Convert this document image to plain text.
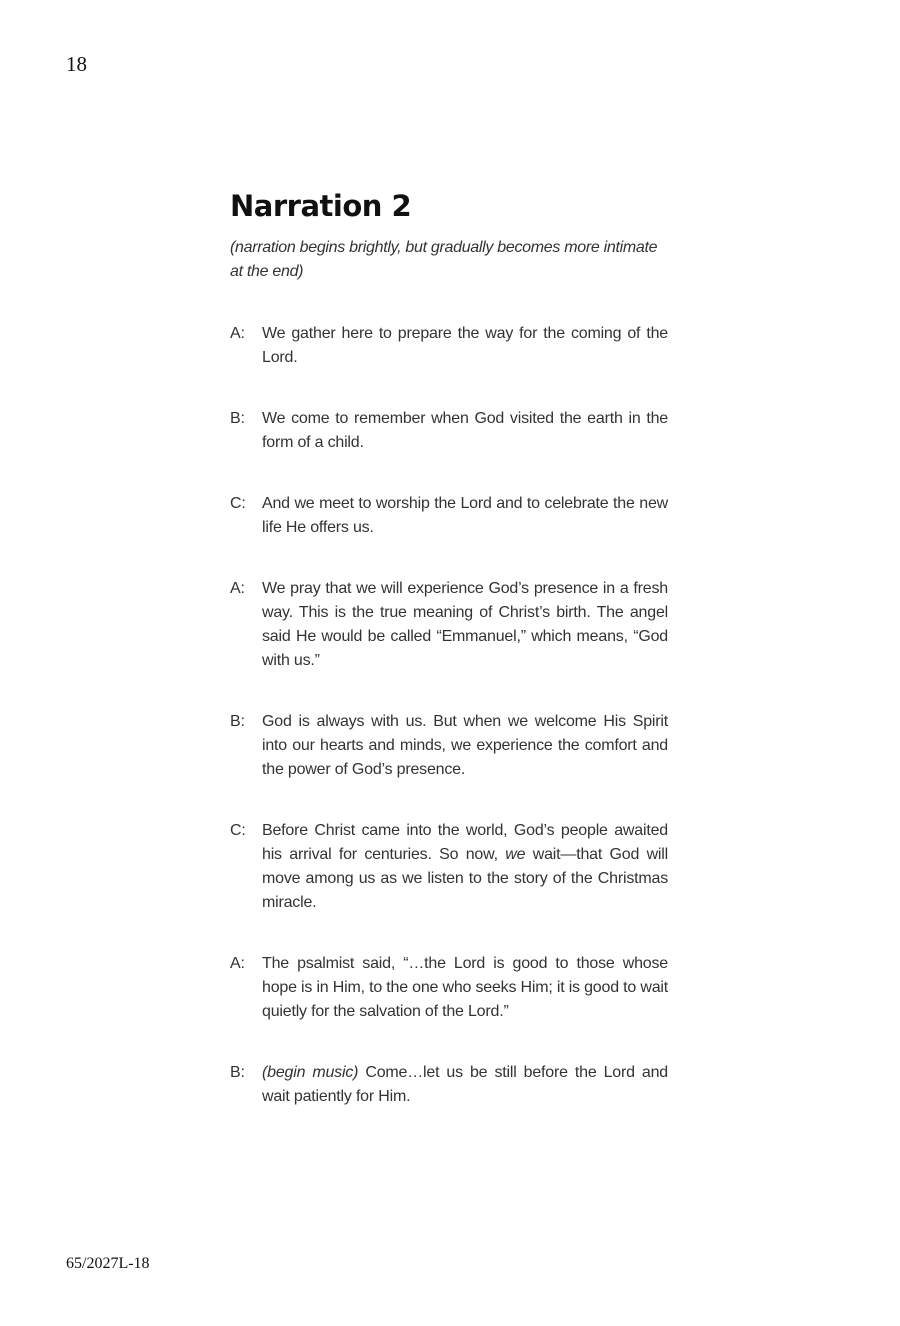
18
Narration 2

(narration begins brightly, but gradually becomes more intimate at the end)

A:	We gather here to prepare the way for the coming of the Lord.
B:	We come to remember when God visited the earth in the form of a child.
C:	And we meet to worship the Lord and to celebrate the new life He offers us.
A:	We pray that we will experience God’s presence in a fresh way. This is the true meaning of Christ’s birth. The angel said He would be called “Emmanuel,” which means, “God with us.”
B:	God is always with us. But when we welcome His Spirit into our hearts and minds, we experience the comfort and the power of God’s presence.
C:	Before Christ came into the world, God’s people awaited his arrival for centuries. So now, we wait—that God will move among us as we listen to the story of the Christmas miracle.
A:	The psalmist said, “…the Lord is good to those whose hope is in Him, to the one who seeks Him; it is good to wait quietly for the salvation of the Lord.”
B:	(begin music) Come…let us be still before the Lord and wait patiently for Him.
65/2027L-18
